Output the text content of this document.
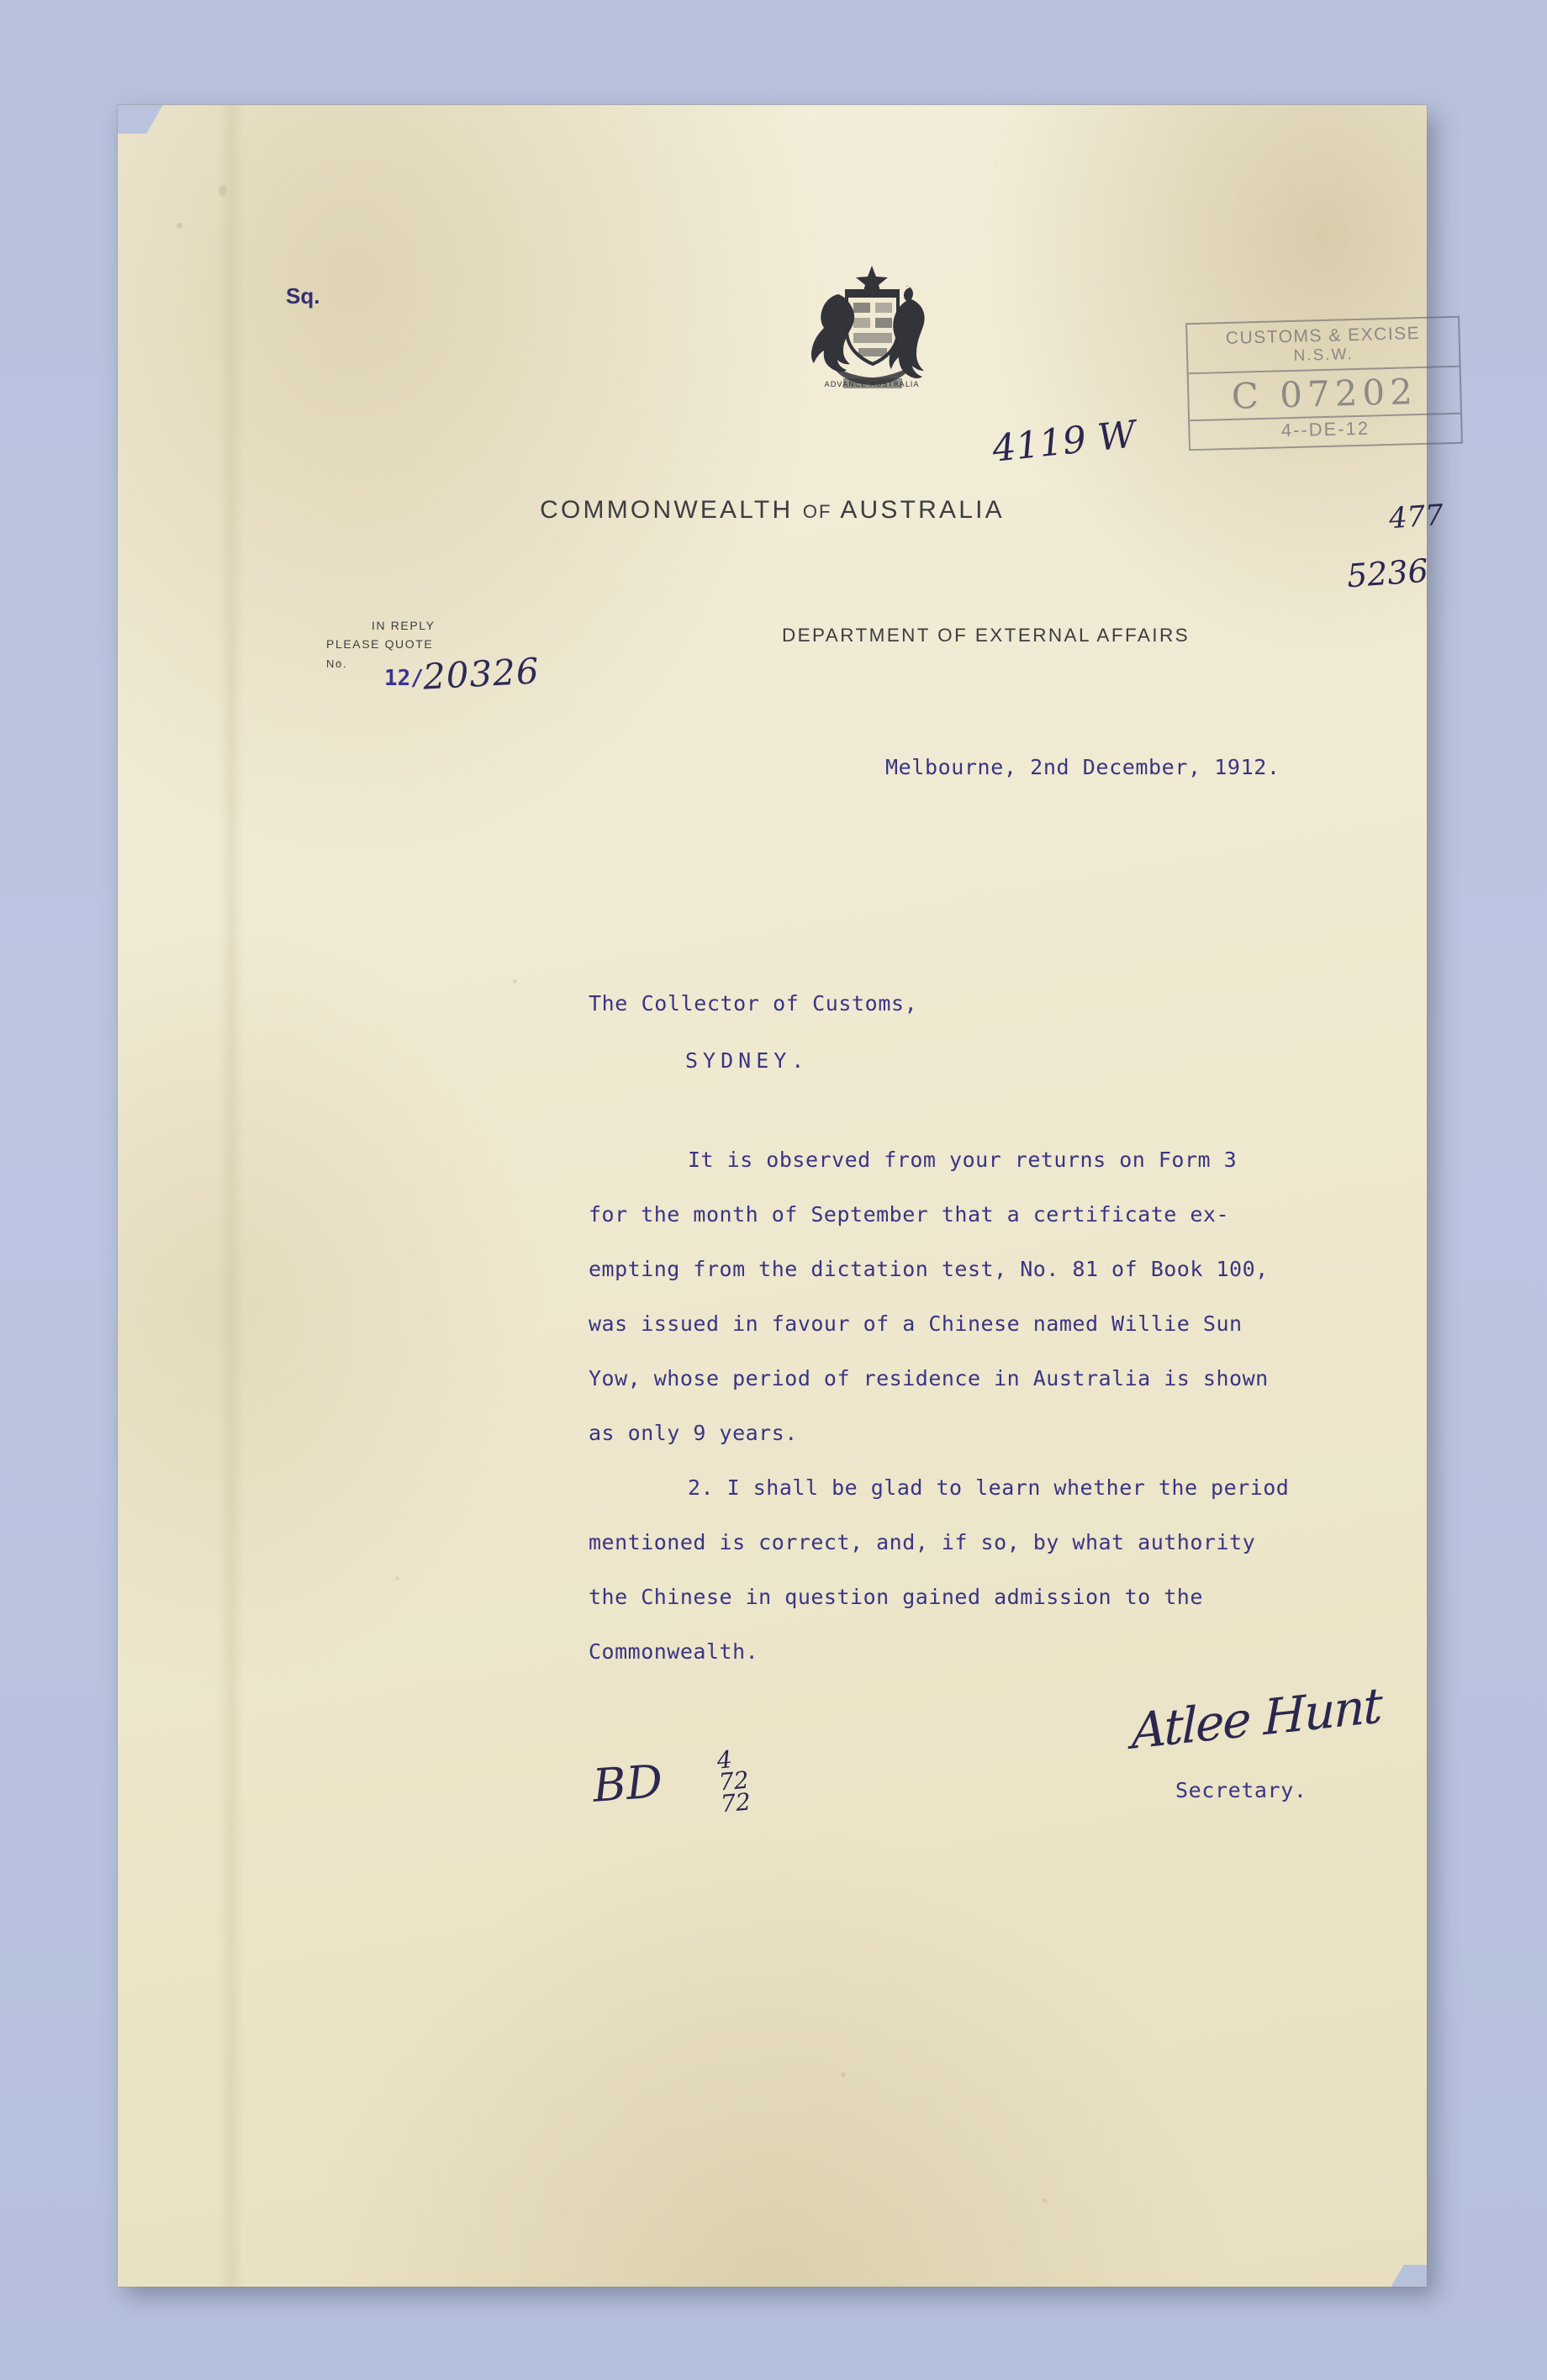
Sq.
ADVANCE AUSTRALIA
CUSTOMS & EXCISE
N.S.W.
C 07202
4--DE-12
4119 W
477
5236
COMMONWEALTH OF AUSTRALIA
DEPARTMENT OF EXTERNAL AFFAIRS
IN REPLY
PLEASE QUOTE
No.
12/
20326
Melbourne, 2nd December, 1912.
The Collector of Customs,
SYDNEY.
It is observed from your returns on Form 3
for the month of September that a certificate ex-
empting from the dictation test, No. 81 of Book 100,
was issued in favour of a Chinese named Willie Sun
Yow, whose period of residence in Australia is shown
as only 9 years.
2. I shall be glad to learn whether the period
mentioned is correct, and, if so, by what authority
the Chinese in question gained admission to the
Commonwealth.
Atlee Hunt
Secretary.
BD 4
72
72
